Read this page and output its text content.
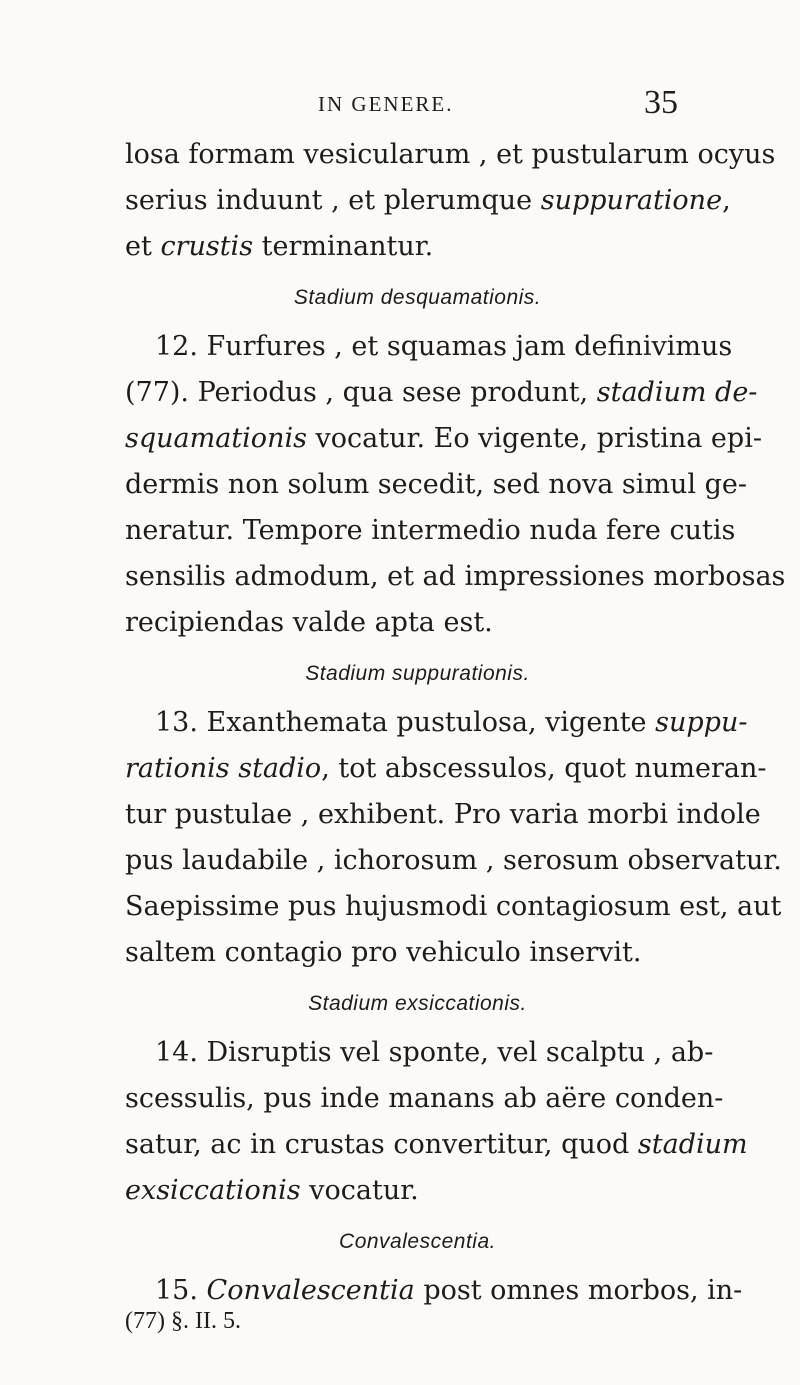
IN GENERE.	35
losa formam vesicularum , et pustularum ocyus
serius induunt , et plerumque suppuratione,
et crustis terminantur.
Stadium desquamationis.
12. Furfures , et squamas jam definivimus
(77). Periodus , qua sese produnt, stadium de-
squamationis vocatur. Eo vigente, pristina epi-
dermis non solum secedit, sed nova simul ge-
neratur. Tempore intermedio nuda fere cutis
sensilis admodum, et ad impressiones morbosas
recipiendas valde apta est.
Stadium suppurationis.
13. Exanthemata pustulosa, vigente suppu-
rationis stadio, tot abscessulos, quot numeran-
tur pustulae , exhibent. Pro varia morbi indole
pus laudabile , ichorosum , serosum observatur.
Saepissime pus hujusmodi contagiosum est, aut
saltem contagio pro vehiculo inservit.
Stadium exsiccationis.
14. Disruptis vel sponte, vel scalptu , ab-
scessulis, pus inde manans ab aëre conden-
satur, ac in crustas convertitur, quod stadium
exsiccationis vocatur.
Convalescentia.
15. Convalescentia post omnes morbos, in-
(77) §. II. 5.
